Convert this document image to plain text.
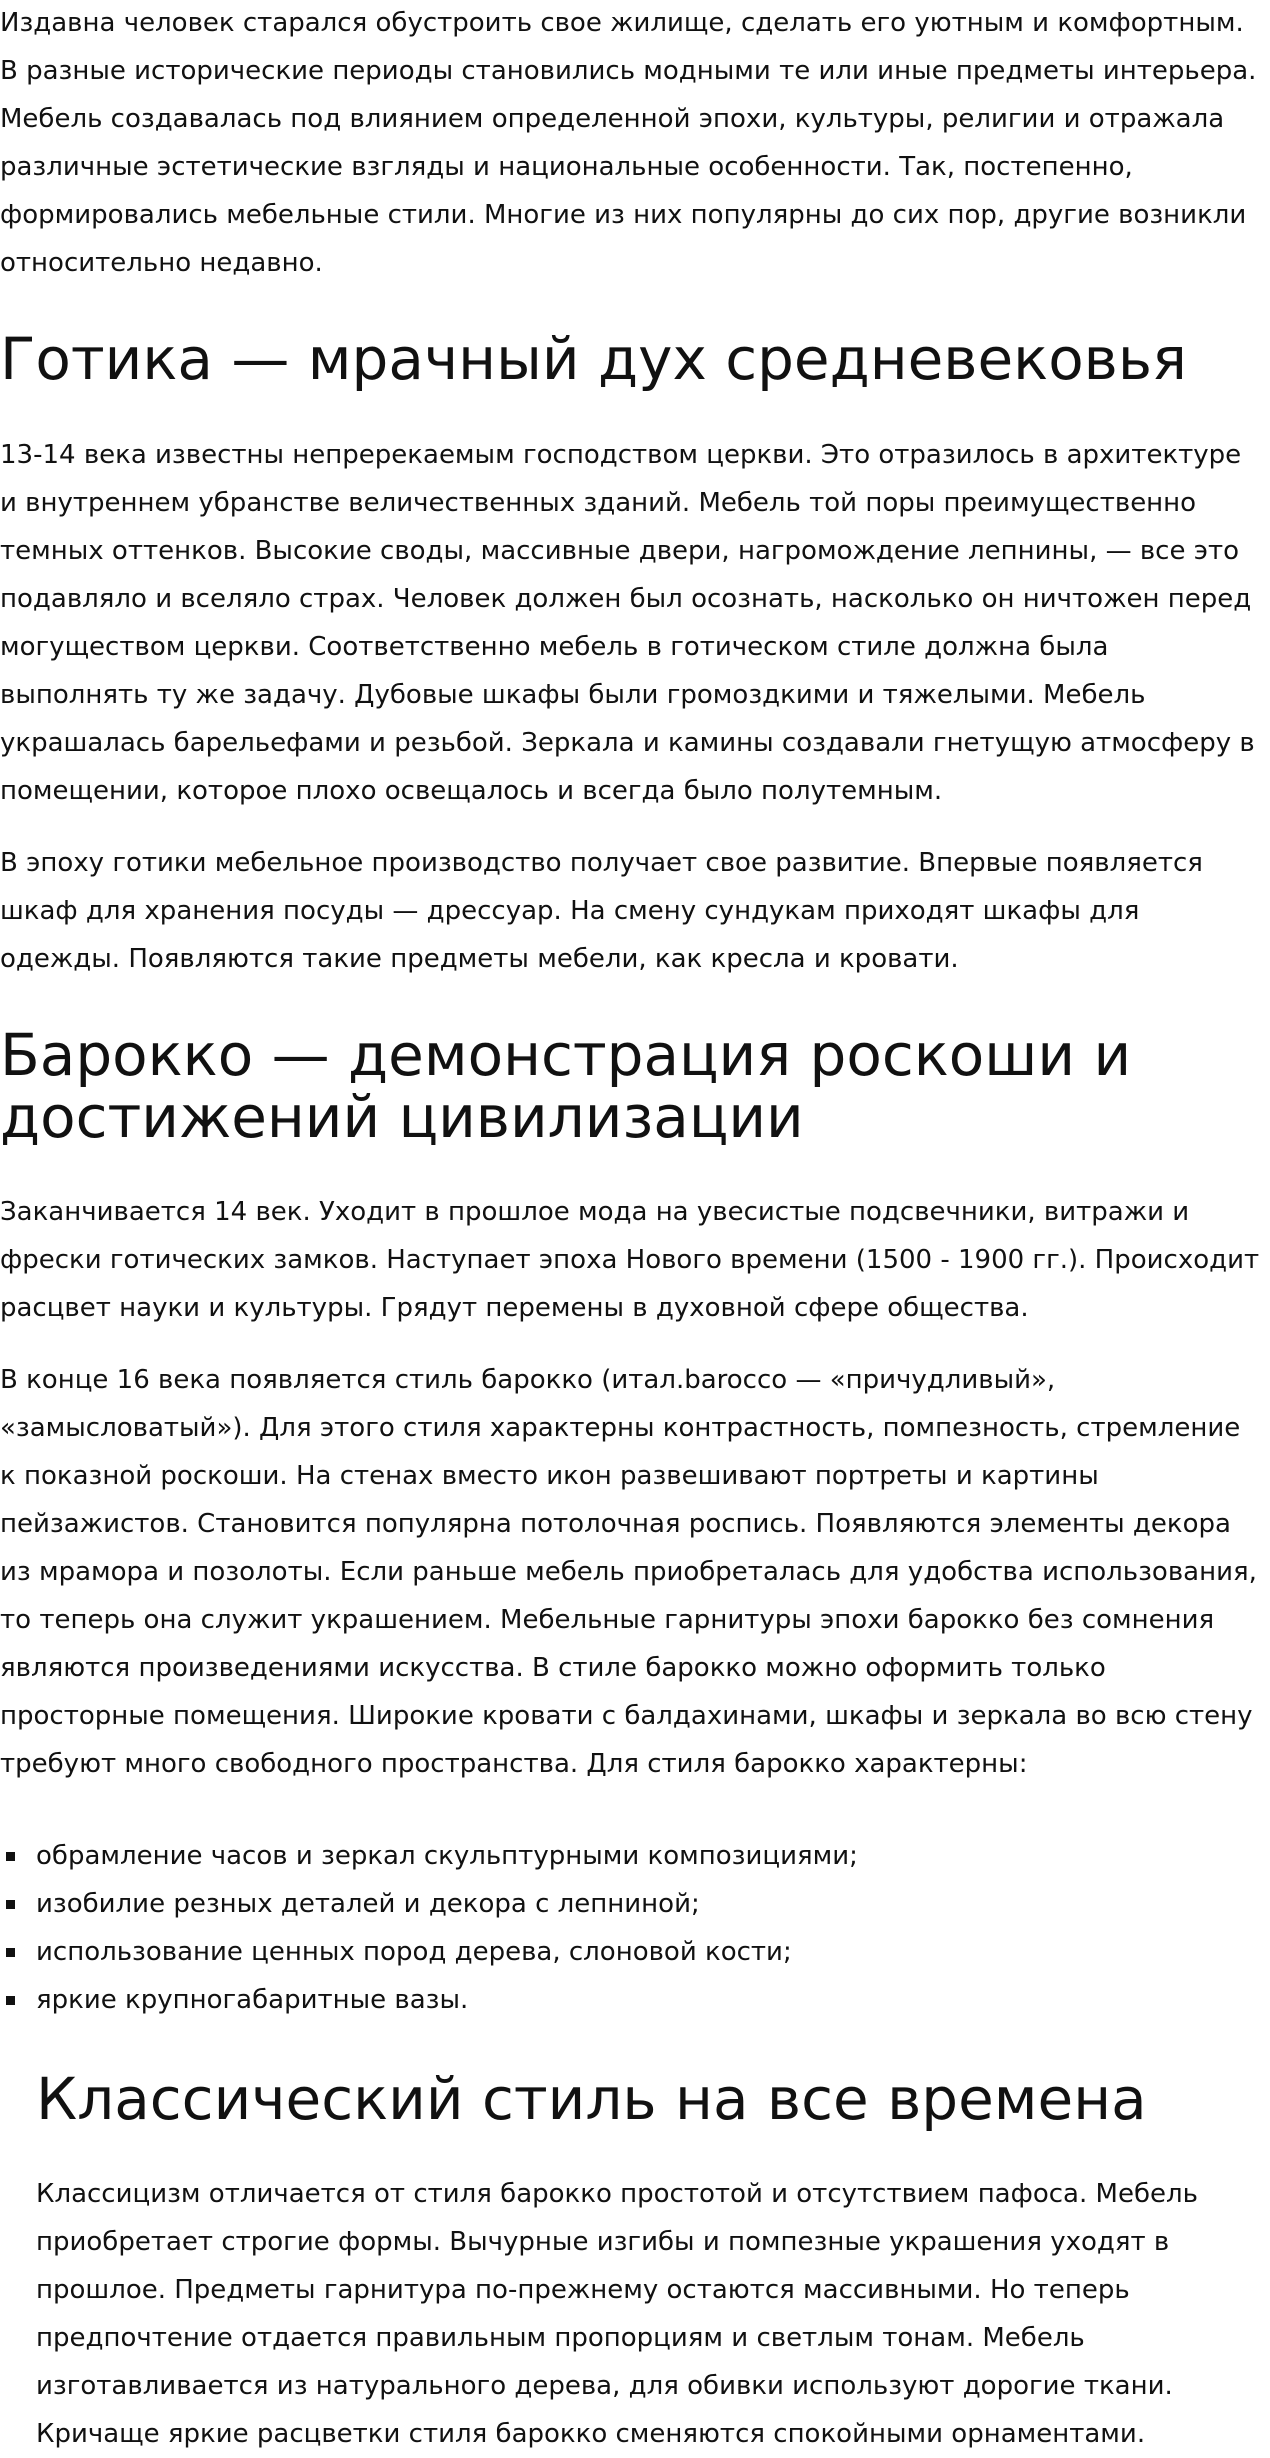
Издавна человек старался обустроить свое жилище, сделать его уютным и комфортным. В разные исторические периоды становились модными те или иные предметы интерьера. Мебель создавалась под влиянием определенной эпохи, культуры, религии и отражала различные эстетические взгляды и национальные особенности. Так, постепенно, формировались мебельные стили. Многие из них популярны до сих пор, другие возникли относительно недавно.

Готика — мрачный дух средневековья

13-14 века известны непререкаемым господством церкви. Это отразилось в архитектуре и внутреннем убранстве величественных зданий. Мебель той поры преимущественно темных оттенков. Высокие своды, массивные двери, нагромождение лепнины, — все это подавляло и вселяло страх. Человек должен был осознать, насколько он ничтожен перед могуществом церкви. Соответственно мебель в готическом стиле должна была выполнять ту же задачу. Дубовые шкафы были громоздкими и тяжелыми. Мебель украшалась барельефами и резьбой. Зеркала и камины создавали гнетущую атмосферу в помещении, которое плохо освещалось и всегда было полутемным.

В эпоху готики мебельное производство получает свое развитие. Впервые появляется шкаф для хранения посуды — дрессуар. На смену сундукам приходят шкафы для одежды. Появляются такие предметы мебели, как кресла и кровати.

Барокко — демонстрация роскоши и достижений цивилизации

Заканчивается 14 век. Уходит в прошлое мода на увесистые подсвечники, витражи и фрески готических замков. Наступает эпоха Нового времени (1500 - 1900 гг.). Происходит расцвет науки и культуры. Грядут перемены в духовной сфере общества.

В конце 16 века появляется стиль барокко (итал.barocco — «причудливый», «замысловатый»). Для этого стиля характерны контрастность, помпезность, стремление к показной роскоши. На стенах вместо икон развешивают портреты и картины пейзажистов. Становится популярна потолочная роспись. Появляются элементы декора из мрамора и позолоты. Если раньше мебель приобреталась для удобства использования, то теперь она служит украшением. Мебельные гарнитуры эпохи барокко без сомнения являются произведениями искусства. В стиле барокко можно оформить только просторные помещения. Широкие кровати с балдахинами, шкафы и зеркала во всю стену требуют много свободного пространства. Для стиля барокко характерны:

обрамление часов и зеркал скульптурными композициями;
изобилие резных деталей и декора с лепниной;
использование ценных пород дерева, слоновой кости;
яркие крупногабаритные вазы.
Классический стиль на все времена

Классицизм отличается от стиля барокко простотой и отсутствием пафоса. Мебель приобретает строгие формы. Вычурные изгибы и помпезные украшения уходят в прошлое. Предметы гарнитура по-прежнему остаются массивными. Но теперь предпочтение отдается правильным пропорциям и светлым тонам. Мебель изготавливается из натурального дерева, для обивки используют дорогие ткани. Кричаще яркие расцветки стиля барокко сменяются спокойными орнаментами.
